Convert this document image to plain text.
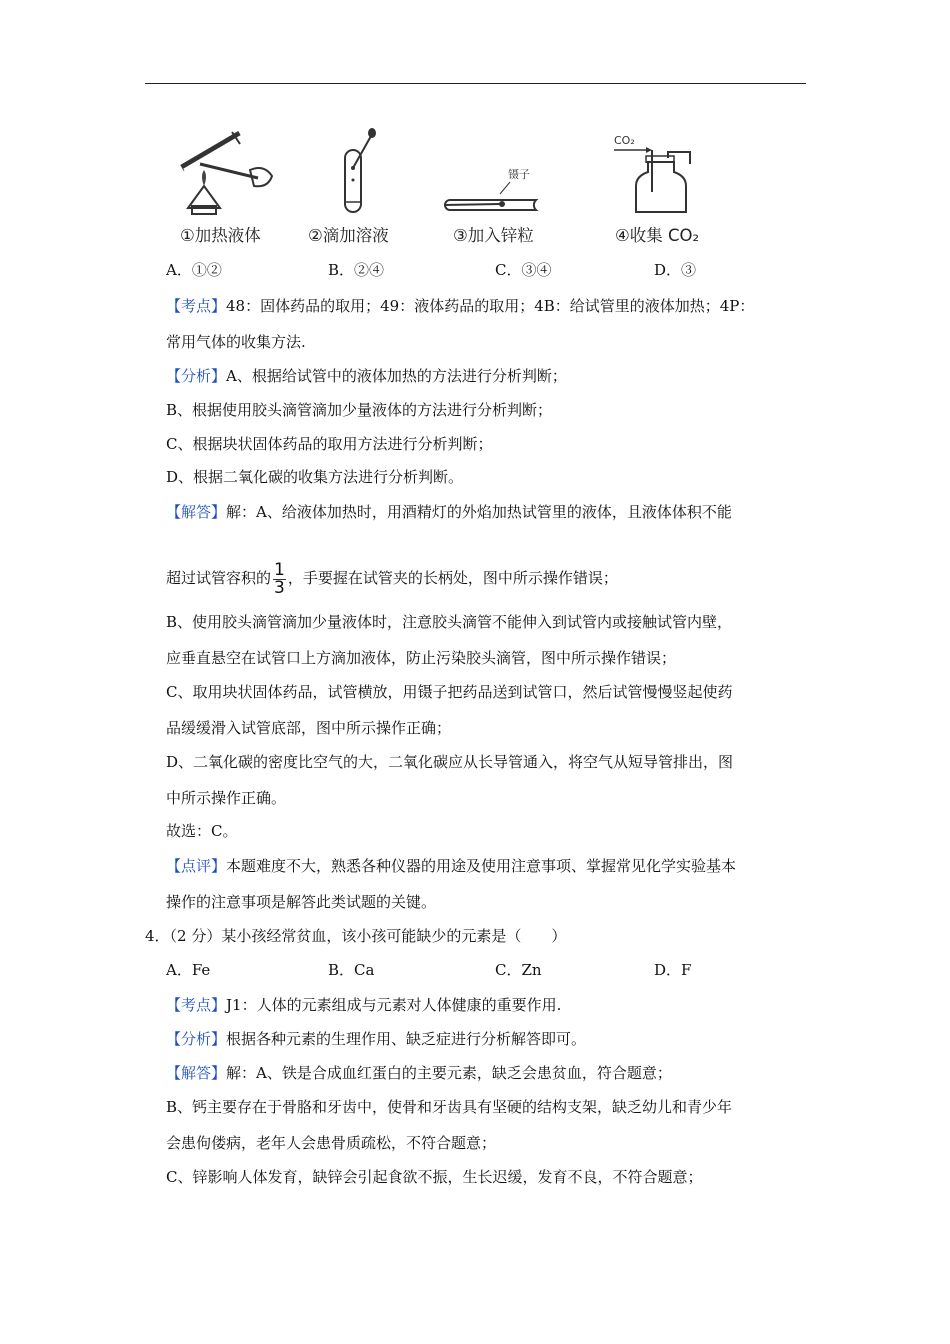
镊子
CO₂
①加热液体	②滴加溶液	③加入锌粒	④收集 CO₂
A．①②	B．②④	C．③④	D．③
【考点】48：固体药品的取用；49：液体药品的取用；4B：给试管里的液体加热；4P：
常用气体的收集方法.
【分析】A、根据给试管中的液体加热的方法进行分析判断；
B、根据使用胶头滴管滴加少量液体的方法进行分析判断；
C、根据块状固体药品的取用方法进行分析判断；
D、根据二氧化碳的收集方法进行分析判断。
【解答】解：A、给液体加热时，用酒精灯的外焰加热试管里的液体，且液体体积不能
超过试管容积的 $\frac{1}{3}$ ，手要握在试管夹的长柄处，图中所示操作错误；
B、使用胶头滴管滴加少量液体时，注意胶头滴管不能伸入到试管内或接触试管内壁，
应垂直悬空在试管口上方滴加液体，防止污染胶头滴管，图中所示操作错误；
C、取用块状固体药品，试管横放，用镊子把药品送到试管口，然后试管慢慢竖起使药
品缓缓滑入试管底部，图中所示操作正确；
D、二氧化碳的密度比空气的大，二氧化碳应从长导管通入，将空气从短导管排出，图
中所示操作正确。
故选：C。
【点评】本题难度不大，熟悉各种仪器的用途及使用注意事项、掌握常见化学实验基本
操作的注意事项是解答此类试题的关键。
4．（2 分）某小孩经常贫血，该小孩可能缺少的元素是（　　）
A．Fe	B．Ca	C．Zn	D．F
【考点】J1：人体的元素组成与元素对人体健康的重要作用.
【分析】根据各种元素的生理作用、缺乏症进行分析解答即可。
【解答】解：A、铁是合成血红蛋白的主要元素，缺乏会患贫血，符合题意；
B、钙主要存在于骨胳和牙齿中，使骨和牙齿具有坚硬的结构支架，缺乏幼儿和青少年
会患佝偻病，老年人会患骨质疏松，不符合题意；
C、锌影响人体发育，缺锌会引起食欲不振，生长迟缓，发育不良，不符合题意；
